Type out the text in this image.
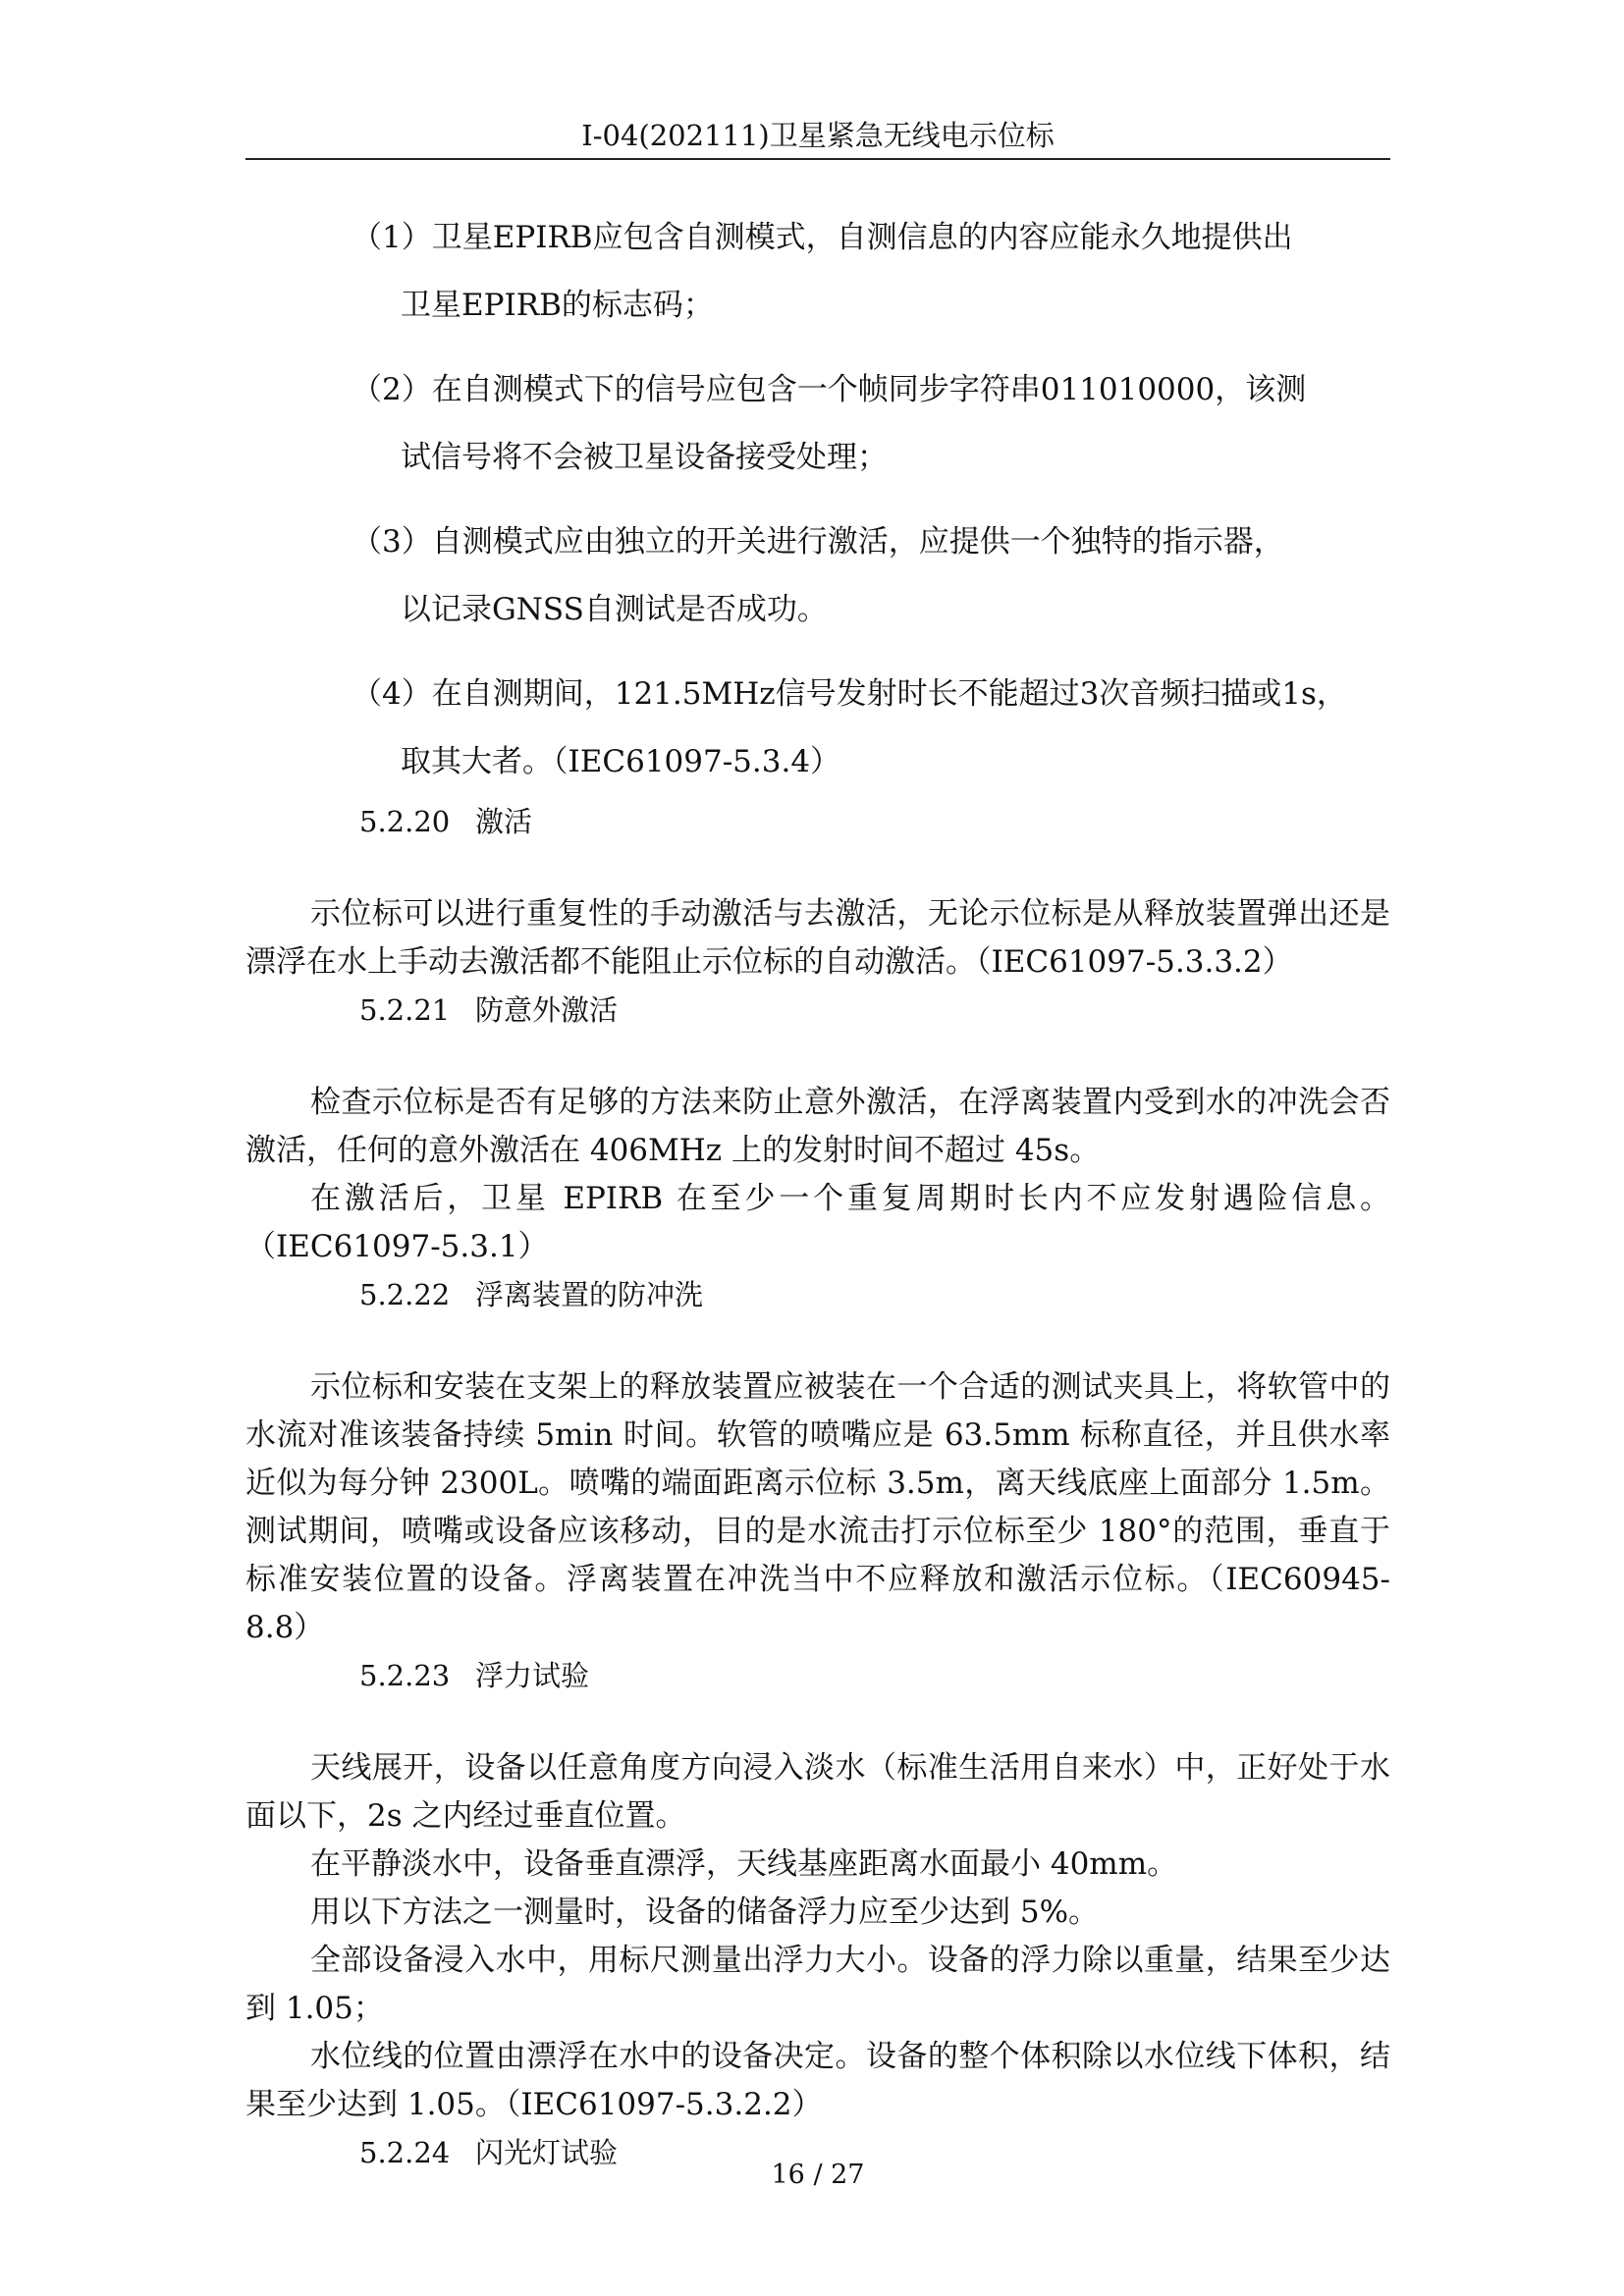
I-04(202111)卫星紧急无线电示位标
（1）卫星EPIRB应包含自测模式，自测信息的内容应能永久地提供出
卫星EPIRB的标志码；
（2）在自测模式下的信号应包含一个帧同步字符串011010000，该测
试信号将不会被卫星设备接受处理；
（3）自测模式应由独立的开关进行激活，应提供一个独特的指示器，
以记录GNSS自测试是否成功。
（4）在自测期间，121.5MHz信号发射时长不能超过3次音频扫描或1s，
取其大者。（IEC61097-5.3.4）
5.2.20 激活

示位标可以进行重复性的手动激活与去激活，无论示位标是从释放装置弹出还是漂浮在水上手动去激活都不能阻止示位标的自动激活。（IEC61097-5.3.3.2）

5.2.21 防意外激活

检查示位标是否有足够的方法来防止意外激活，在浮离装置内受到水的冲洗会否激活，任何的意外激活在 406MHz 上的发射时间不超过 45s。

在激活后，卫星 EPIRB 在至少一个重复周期时长内不应发射遇险信息。（IEC61097-5.3.1）

5.2.22 浮离装置的防冲洗

示位标和安装在支架上的释放装置应被装在一个合适的测试夹具上，将软管中的水流对准该装备持续 5min 时间。软管的喷嘴应是 63.5mm 标称直径，并且供水率近似为每分钟 2300L。喷嘴的端面距离示位标 3.5m，离天线底座上面部分 1.5m。测试期间，喷嘴或设备应该移动，目的是水流击打示位标至少 180°的范围，垂直于标准安装位置的设备。浮离装置在冲洗当中不应释放和激活示位标。（IEC60945-8.8）

5.2.23 浮力试验

天线展开，设备以任意角度方向浸入淡水（标准生活用自来水）中，正好处于水面以下，2s 之内经过垂直位置。

在平静淡水中，设备垂直漂浮，天线基座距离水面最小 40mm。

用以下方法之一测量时，设备的储备浮力应至少达到 5%。

全部设备浸入水中，用标尺测量出浮力大小。设备的浮力除以重量，结果至少达到 1.05；

水位线的位置由漂浮在水中的设备决定。设备的整个体积除以水位线下体积，结果至少达到 1.05。（IEC61097-5.3.2.2）

5.2.24 闪光灯试验
16 / 27
